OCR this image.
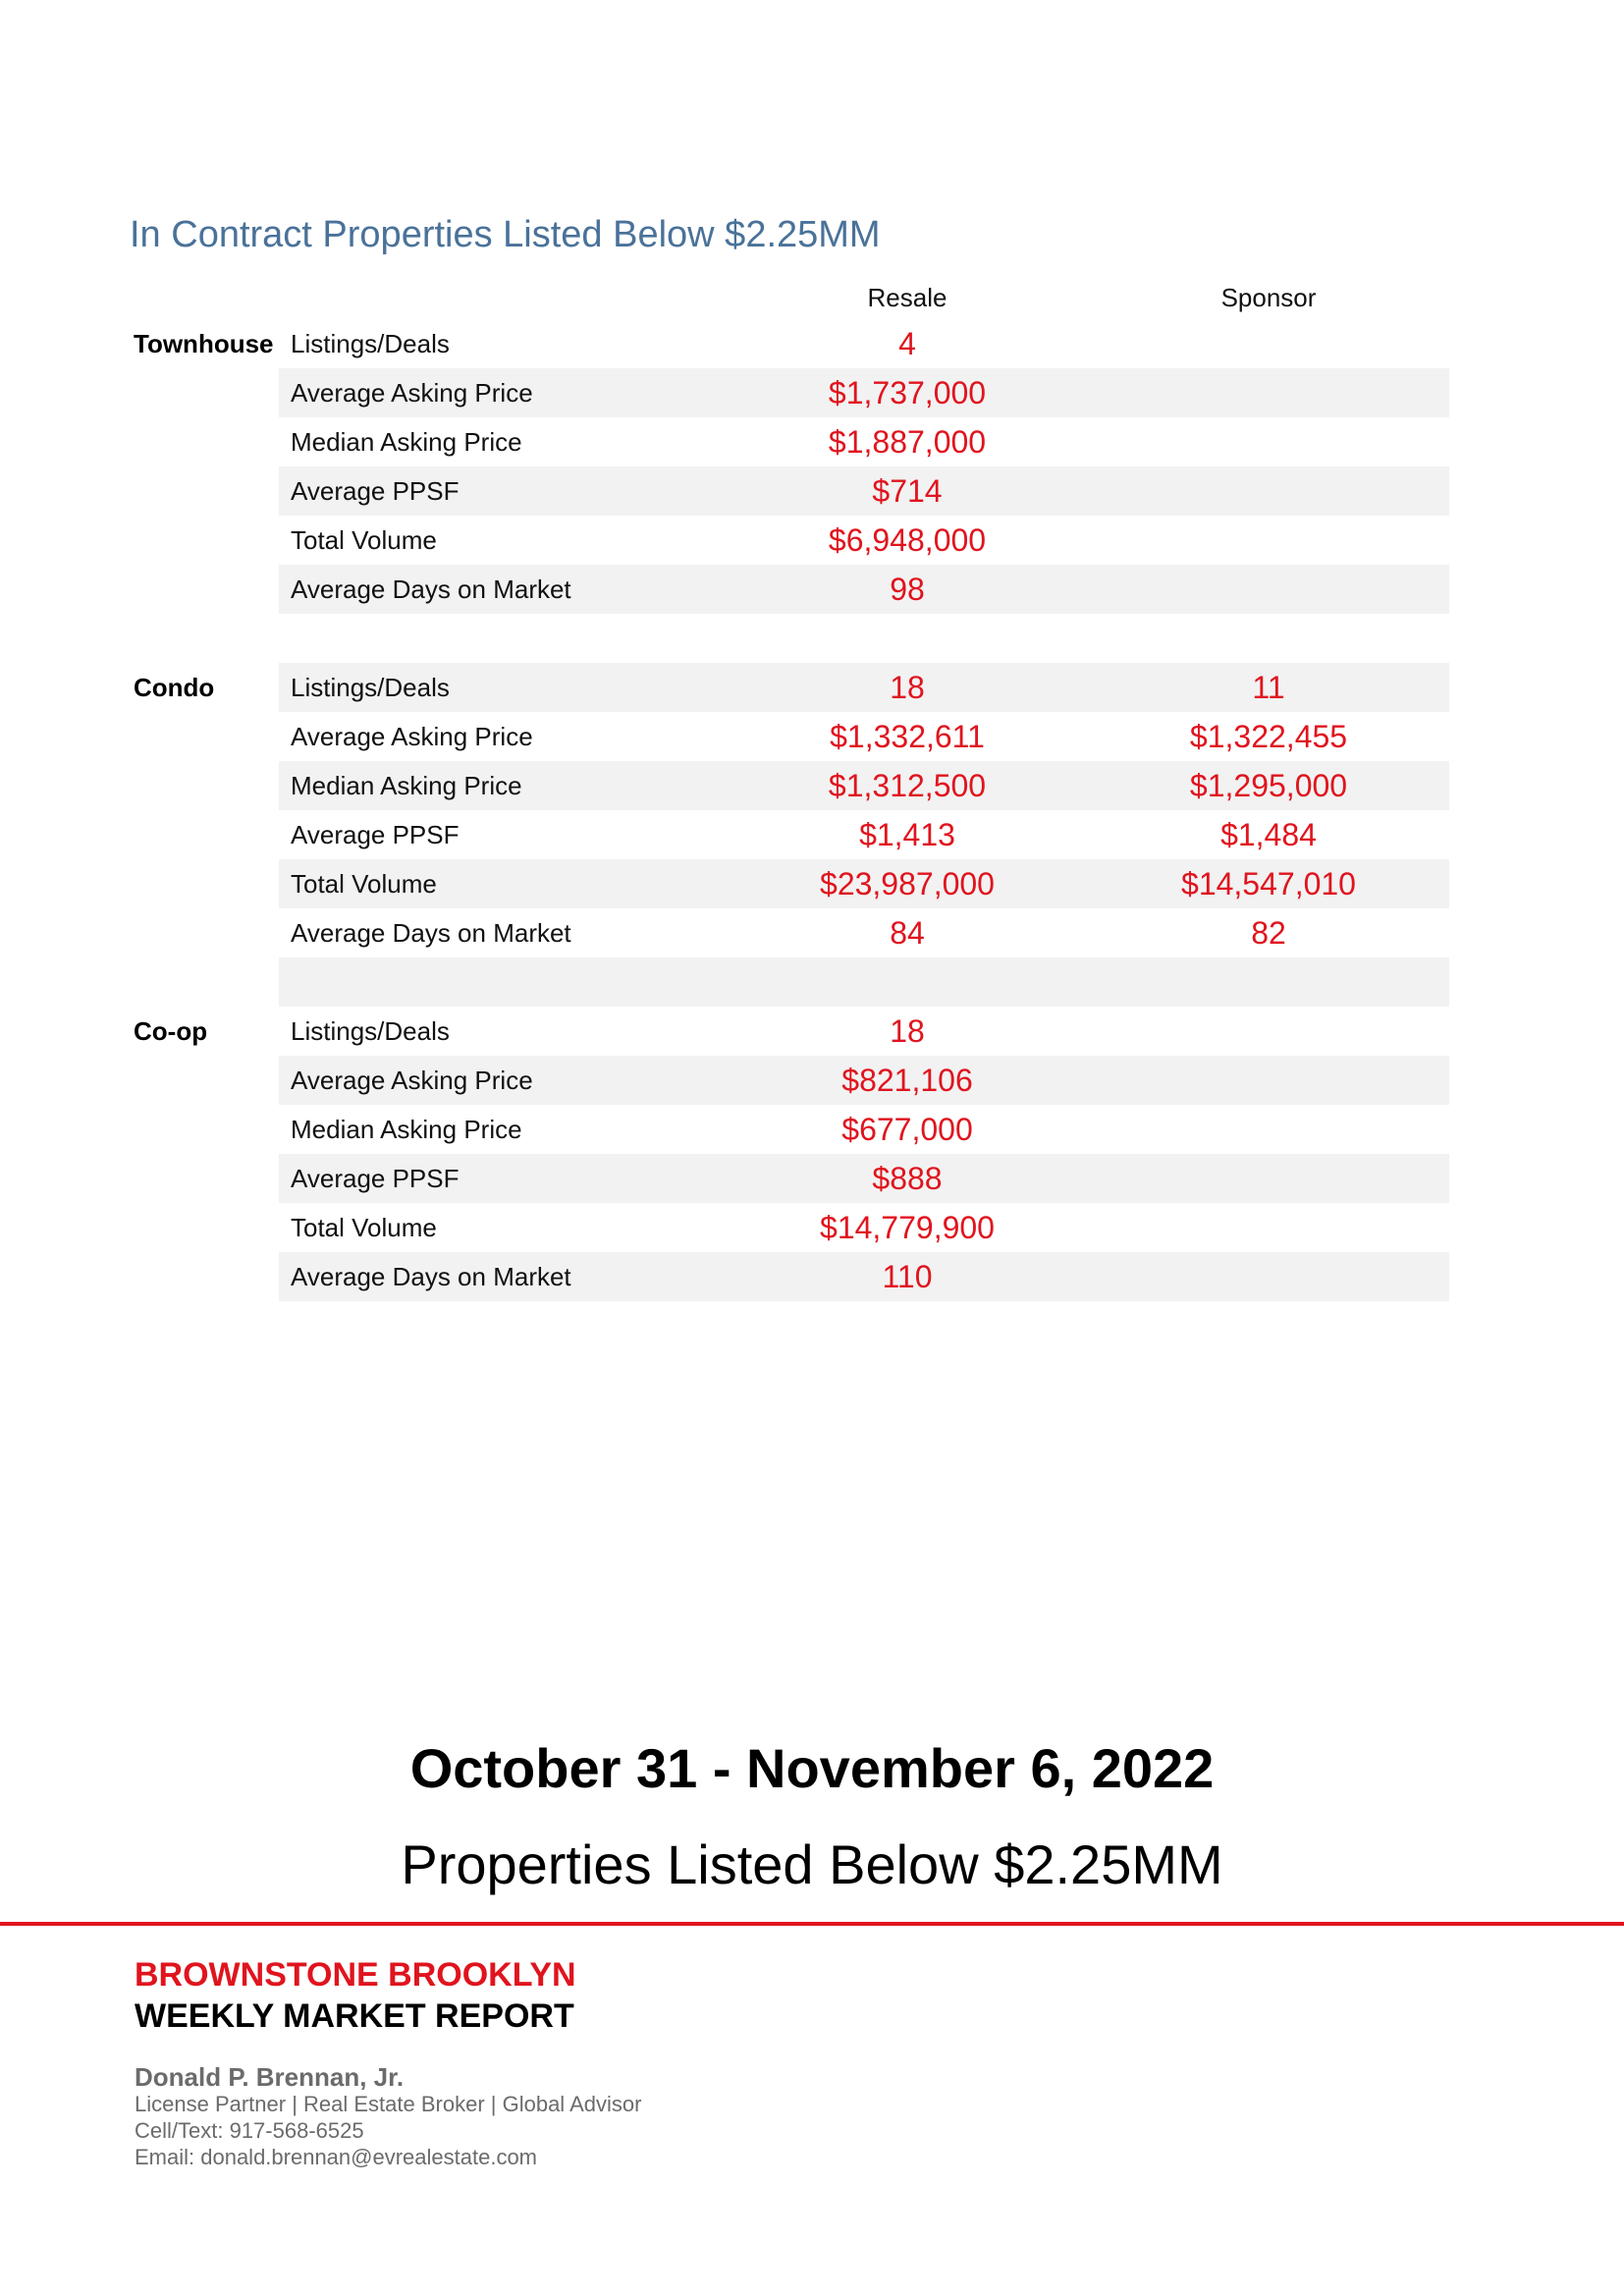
In Contract Properties Listed Below $2.25MM
Resale	Sponsor
Townhouse Listings/Deals	4
Average Asking Price	$1,737,000
Median Asking Price	$1,887,000
Average PPSF	$714
Total Volume	$6,948,000
Average Days on Market	98
Condo	Listings/Deals	18	11
Average Asking Price	$1,332,611	$1,322,455
Median Asking Price	$1,312,500	$1,295,000
Average PPSF	$1,413	$1,484
Total Volume	$23,987,000	$14,547,010
Average Days on Market	84	82
Co-op	Listings/Deals	18
Average Asking Price	$821,106
Median Asking Price	$677,000
Average PPSF	$888
Total Volume	$14,779,900
Average Days on Market	110
October 31 - November 6, 2022
Properties Listed Below $2.25MM
BROWNSTONE BROOKLYN
WEEKLY MARKET REPORT
Donald P. Brennan, Jr.
License Partner | Real Estate Broker | Global Advisor
Cell/Text: 917-568-6525
Email: donald.brennan@evrealestate.com
